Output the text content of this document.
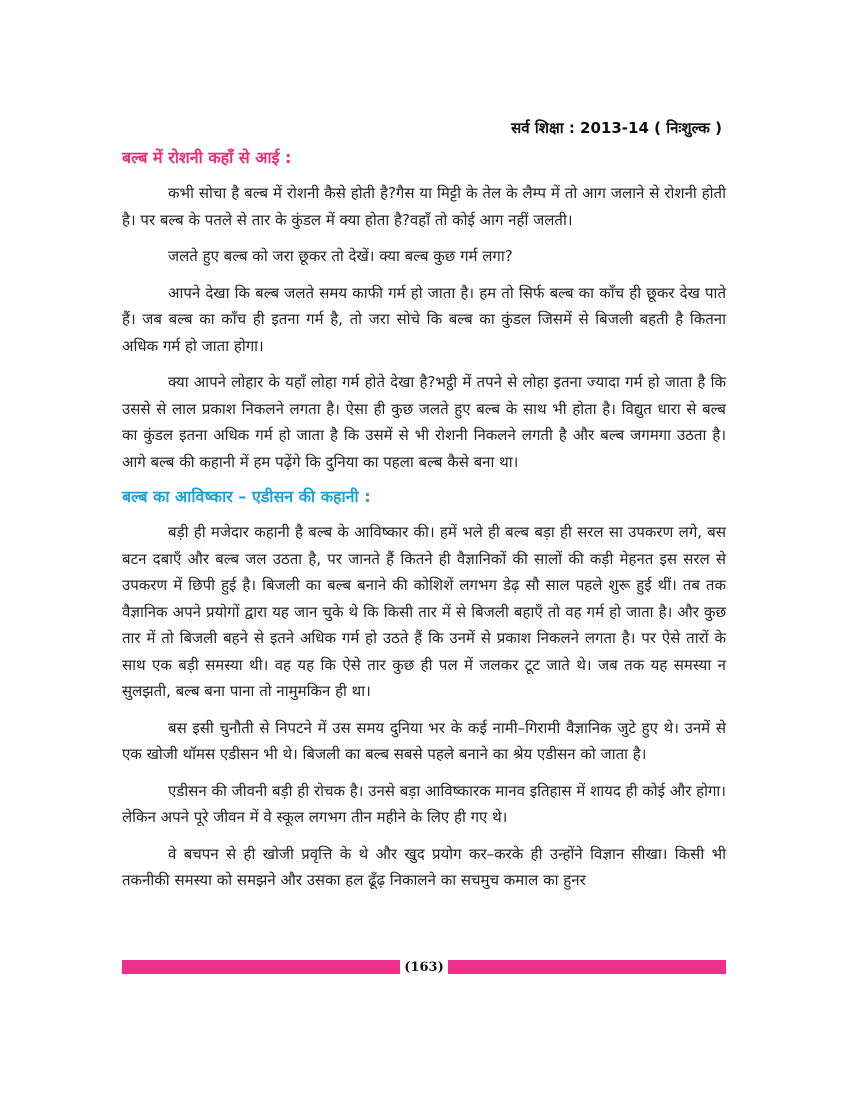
सर्व शिक्षा : 2013-14 ( निःशुल्क )
बल्ब में रोशनी कहाँ से आई :

कभी सोचा है बल्ब में रोशनी कैसे होती है?गैस या मिट्टी के तेल के लैम्प में तो आग जलाने से रोशनी होती है। पर बल्ब के पतले से तार के कुंडल में क्या होता है?वहाँ तो कोई आग नहीं जलती।

जलते हुए बल्ब को जरा छूकर तो देखें। क्या बल्ब कुछ गर्म लगा?

आपने देखा कि बल्ब जलते समय काफी गर्म हो जाता है। हम तो सिर्फ बल्ब का काँच ही छूकर देख पाते हैं। जब बल्ब का काँच ही इतना गर्म है, तो जरा सोचे कि बल्ब का कुंडल जिसमें से बिजली बहती है कितना अधिक गर्म हो जाता होगा।

क्या आपने लोहार के यहाँ लोहा गर्म होते देखा है?भट्ठी में तपने से लोहा इतना ज्यादा गर्म हो जाता है कि उससे से लाल प्रकाश निकलने लगता है। ऐसा ही कुछ जलते हुए बल्ब के साथ भी होता है। विद्युत धारा से बल्ब का कुंडल इतना अधिक गर्म हो जाता है कि उसमें से भी रोशनी निकलने लगती है और बल्ब जगमगा उठता है। आगे बल्ब की कहानी में हम पढ़ेंगे कि दुनिया का पहला बल्ब कैसे बना था।

बल्ब का आविष्कार – एडीसन की कहानी :

बड़ी ही मजेदार कहानी है बल्ब के आविष्कार की। हमें भले ही बल्ब बड़ा ही सरल सा उपकरण लगे, बस बटन दबाएँ और बल्ब जल उठता है, पर जानते हैं कितने ही वैज्ञानिकों की सालों की कड़ी मेहनत इस सरल से उपकरण में छिपी हुई है। बिजली का बल्ब बनाने की कोशिशें लगभग डेढ़ सौ साल पहले शुरू हुई थीं। तब तक वैज्ञानिक अपने प्रयोगों द्वारा यह जान चुके थे कि किसी तार में से बिजली बहाएँ तो वह गर्म हो जाता है। और कुछ तार में तो बिजली बहने से इतने अधिक गर्म हो उठते हैं कि उनमें से प्रकाश निकलने लगता है। पर ऐसे तारों के साथ एक बड़ी समस्या थी। वह यह कि ऐसे तार कुछ ही पल में जलकर टूट जाते थे। जब तक यह समस्या न सुलझती, बल्ब बना पाना तो नामुमकिन ही था।

बस इसी चुनौती से निपटने में उस समय दुनिया भर के कई नामी–गिरामी वैज्ञानिक जुटे हुए थे। उनमें से एक खोजी थॉमस एडीसन भी थे। बिजली का बल्ब सबसे पहले बनाने का श्रेय एडीसन को जाता है।

एडीसन की जीवनी बड़ी ही रोचक है। उनसे बड़ा आविष्कारक मानव इतिहास में शायद ही कोई और होगा। लेकिन अपने पूरे जीवन में वे स्कूल लगभग तीन महीने के लिए ही गए थे।

वे बचपन से ही खोजी प्रवृत्ति के थे और खुद प्रयोग कर–करके ही उन्होंने विज्ञान सीखा। किसी भी तकनीकी समस्या को समझने और उसका हल ढूँढ़ निकालने का सचमुच कमाल का हुनर

(163)
